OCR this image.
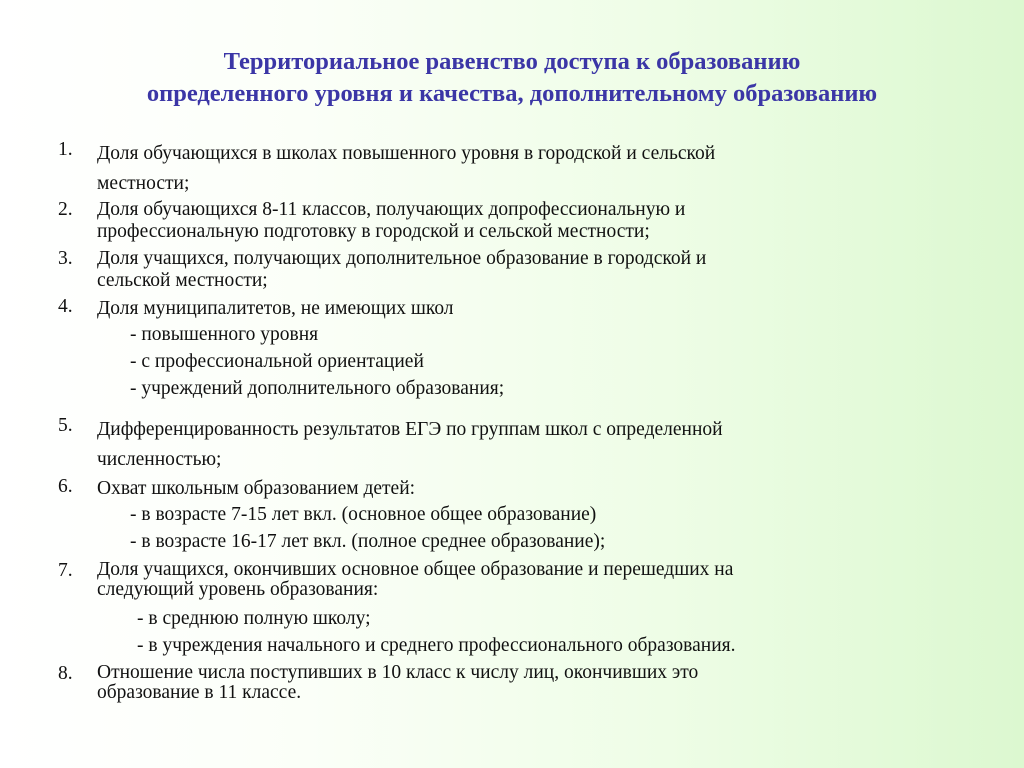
Территориальное равенство доступа к образованию
определенного уровня и качества, дополнительному образованию
1. Доля обучающихся в школах повышенного уровня в городской и сельской
местности;
2. Доля обучающихся 8-11 классов, получающих допрофессиональную и
профессиональную подготовку в городской и сельской местности;
3. Доля учащихся, получающих дополнительное образование в городской и
сельской местности;
4. Доля муниципалитетов, не имеющих школ
- повышенного уровня
- с профессиональной ориентацией
- учреждений дополнительного образования;
5. Дифференцированность результатов ЕГЭ по группам школ с определенной
численностью;
6. Охват школьным образованием детей:
- в возрасте 7-15 лет вкл. (основное общее образование)
- в возрасте 16-17 лет вкл. (полное среднее образование);
7. Доля учащихся, окончивших основное общее образование и перешедших на
следующий уровень образования:
- в среднюю полную школу;
- в учреждения начального и среднего профессионального образования.
8. Отношение числа поступивших в 10 класс к числу лиц, окончивших это
образование в 11 классе.
